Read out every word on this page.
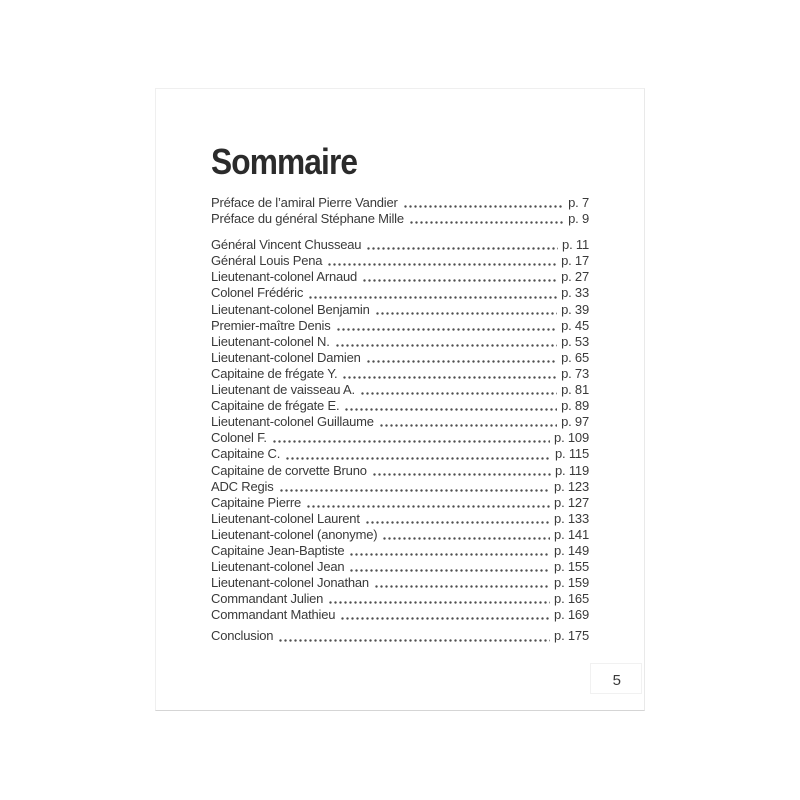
Sommaire
Préface de l’amiral Pierre Vandier	p. 7
Préface du général Stéphane Mille	p. 9
Général Vincent Chusseau	p. 11
Général Louis Pena	p. 17
Lieutenant-colonel Arnaud	p. 27
Colonel Frédéric	p. 33
Lieutenant-colonel Benjamin	p. 39
Premier-maître Denis	p. 45
Lieutenant-colonel N.	p. 53
Lieutenant-colonel Damien	p. 65
Capitaine de frégate Y.	p. 73
Lieutenant de vaisseau A.	p. 81
Capitaine de frégate E.	p. 89
Lieutenant-colonel Guillaume	p. 97
Colonel F.	p. 109
Capitaine C.	p. 115
Capitaine de corvette Bruno	p. 119
ADC Regis	p. 123
Capitaine Pierre	p. 127
Lieutenant-colonel Laurent	p. 133
Lieutenant-colonel (anonyme)	p. 141
Capitaine Jean-Baptiste	p. 149
Lieutenant-colonel Jean	p. 155
Lieutenant-colonel Jonathan	p. 159
Commandant Julien	p. 165
Commandant Mathieu	p. 169
Conclusion	p. 175
5
